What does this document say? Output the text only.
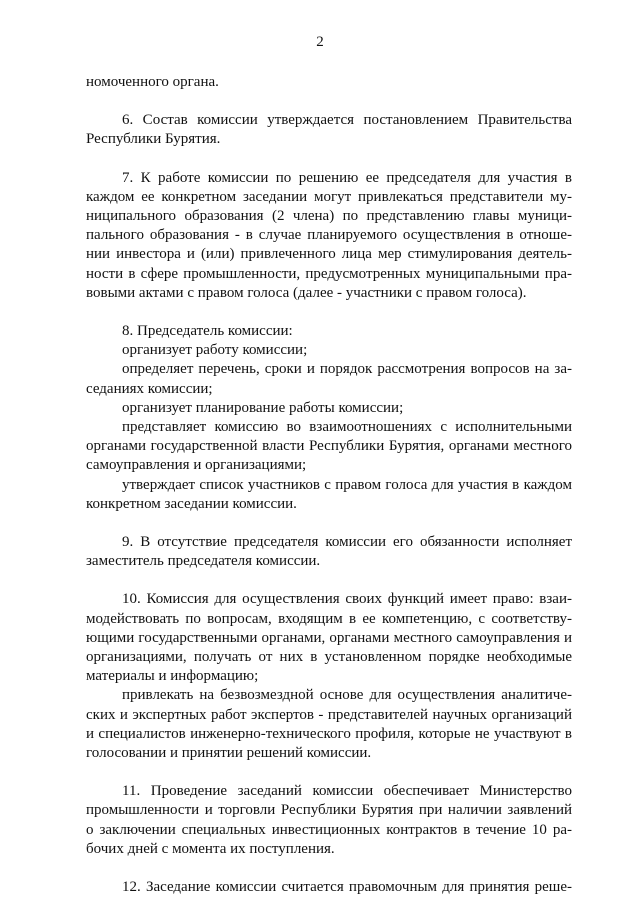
2
номоченного органа.
6. Состав комиссии утверждается постановлением Правительства
Республики Бурятия.
7. К работе комиссии по решению ее председателя для участия в
каждом ее конкретном заседании могут привлекаться представители му-
ниципального образования (2 члена) по представлению главы муници-
пального образования - в случае планируемого осуществления в отноше-
нии инвестора и (или) привлеченного лица мер стимулирования деятель-
ности в сфере промышленности, предусмотренных муниципальными пра-
вовыми актами с правом голоса (далее - участники с правом голоса).
8. Председатель комиссии:
организует работу комиссии;
определяет перечень, сроки и порядок рассмотрения вопросов на за-
седаниях комиссии;
организует планирование работы комиссии;
представляет комиссию во взаимоотношениях с исполнительными
органами государственной власти Республики Бурятия, органами местного
самоуправления и организациями;
утверждает список участников с правом голоса для участия в каждом
конкретном заседании комиссии.
9. В отсутствие председателя комиссии его обязанности исполняет
заместитель председателя комиссии.
10. Комиссия для осуществления своих функций имеет право: взаи-
модействовать по вопросам, входящим в ее компетенцию, с соответству-
ющими государственными органами, органами местного самоуправления и
организациями, получать от них в установленном порядке необходимые
материалы и информацию;
привлекать на безвозмездной основе для осуществления аналитиче-
ских и экспертных работ экспертов - представителей научных организаций
и специалистов инженерно-технического профиля, которые не участвуют в
голосовании и принятии решений комиссии.
11. Проведение заседаний комиссии обеспечивает Министерство
промышленности и торговли Республики Бурятия при наличии заявлений
о заключении специальных инвестиционных контрактов в течение 10 ра-
бочих дней с момента их поступления.
12. Заседание комиссии считается правомочным для принятия реше-
